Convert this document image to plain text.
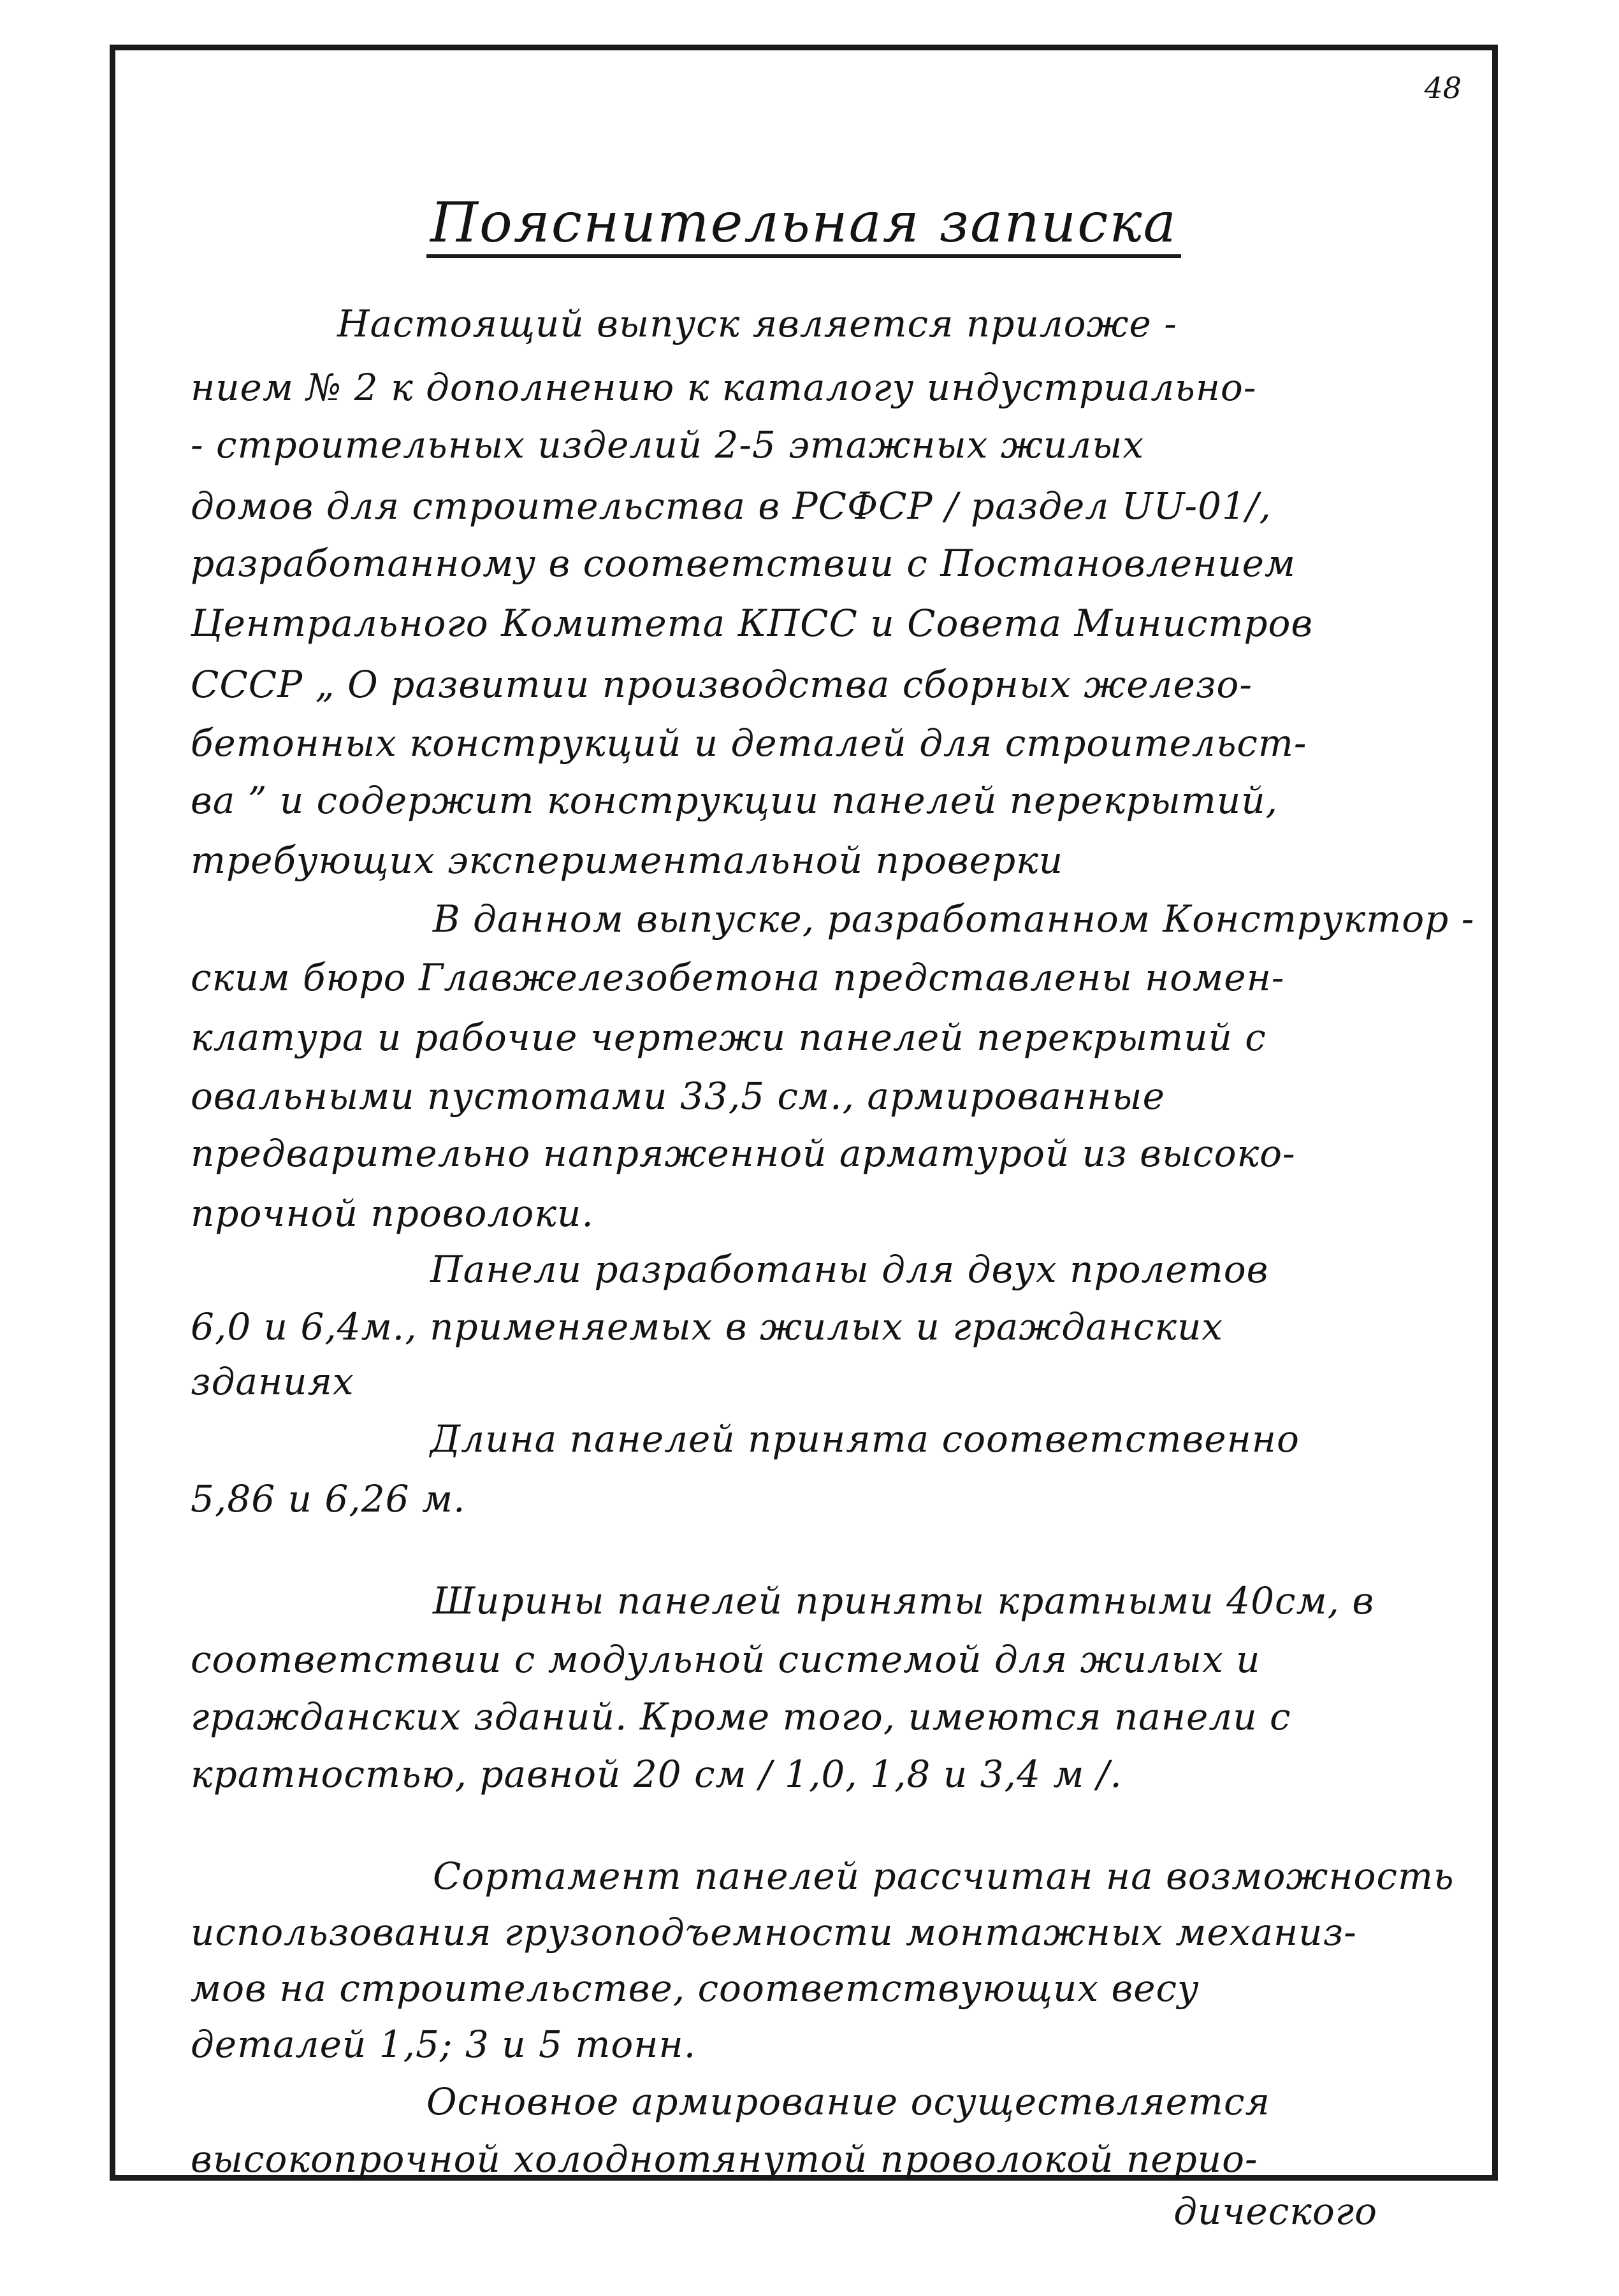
48
Пояснительная записка
Настоящий выпуск является приложе -
нием № 2 к дополнению к каталогу индустриально-
- строительных изделий 2-5 этажных жилых
домов для строительства в РСФСР / раздел UU-01/,
разработанному в соответствии с Постановлением
Центрального Комитета КПСС и Совета Министров
СССР „ О развитии производства сборных железо-
бетонных конструкций и деталей для строительст-
ва ” и содержит конструкции панелей перекрытий,
требующих экспериментальной проверки
В данном выпуске, разработанном Конструктор -
ским бюро Главжелезобетона представлены номен-
клатура и рабочие чертежи панелей перекрытий с
овальными пустотами 33,5 см., армированные
предварительно напряженной арматурой из высоко-
прочной проволоки.
Панели разработаны для двух пролетов
6,0 и 6,4м., применяемых в жилых и гражданских
зданиях
Длина панелей принята соответственно
5,86 и 6,26 м.
Ширины панелей приняты кратными 40см, в
соответствии с модульной системой для жилых и
гражданских зданий. Кроме того, имеются панели с
кратностью, равной 20 см / 1,0, 1,8 и 3,4 м /.
Сортамент панелей рассчитан на возможность
использования грузоподъемности монтажных механиз-
мов на строительстве, соответствующих весу
деталей 1,5; 3 и 5 тонн.
Основное армирование осуществляется
высокопрочной холоднотянутой проволокой перио-
дического
